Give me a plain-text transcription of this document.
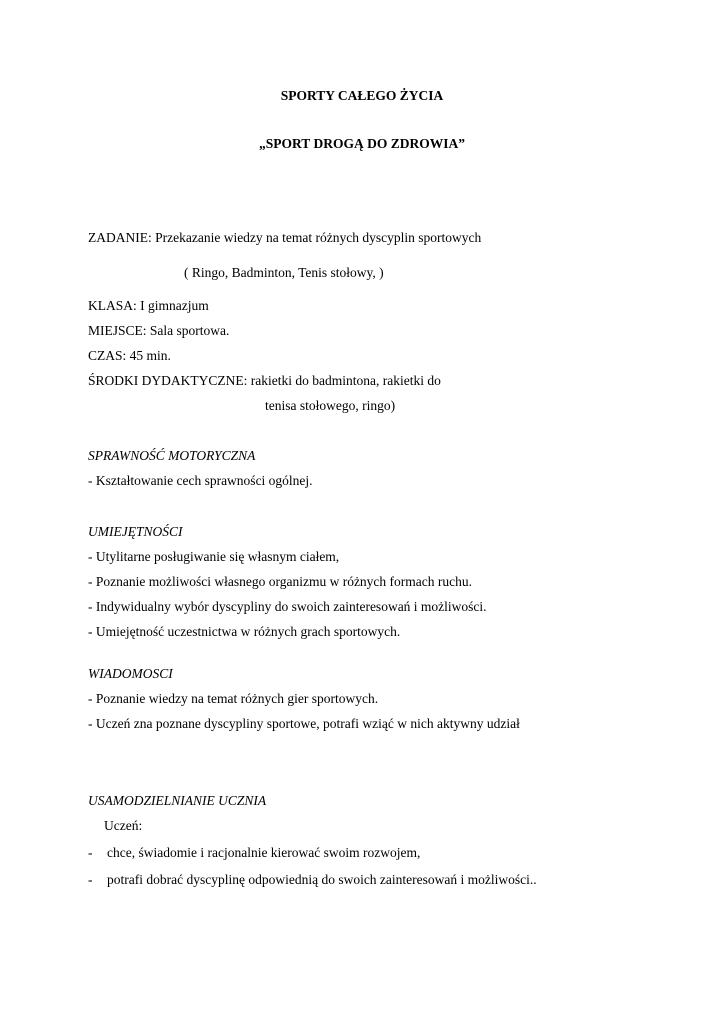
SPORTY CAŁEGO ŻYCIA
„SPORT DROGĄ DO ZDROWIA”
ZADANIE: Przekazanie wiedzy na temat różnych dyscyplin sportowych
( Ringo, Badminton, Tenis stołowy, )
KLASA: I gimnazjum
MIEJSCE: Sala sportowa.
CZAS: 45 min.
ŚRODKI DYDAKTYCZNE: rakietki do badmintona, rakietki do
tenisa stołowego, ringo)
SPRAWNOŚĆ MOTORYCZNA
- Kształtowanie cech sprawności ogólnej.
UMIEJĘTNOŚCI
- Utylitarne posługiwanie się własnym ciałem,
- Poznanie możliwości własnego organizmu w różnych formach ruchu.
- Indywidualny wybór dyscypliny do swoich zainteresowań i możliwości.
- Umiejętność uczestnictwa w różnych grach sportowych.
WIADOMOSCI
- Poznanie wiedzy na temat różnych gier sportowych.
- Uczeń zna poznane dyscypliny sportowe, potrafi wziąć w nich aktywny udział
USAMODZIELNIANIE UCZNIA
Uczeń:
- chce, świadomie i racjonalnie kierować swoim rozwojem,
- potrafi dobrać dyscyplinę odpowiednią do swoich zainteresowań i możliwości..
